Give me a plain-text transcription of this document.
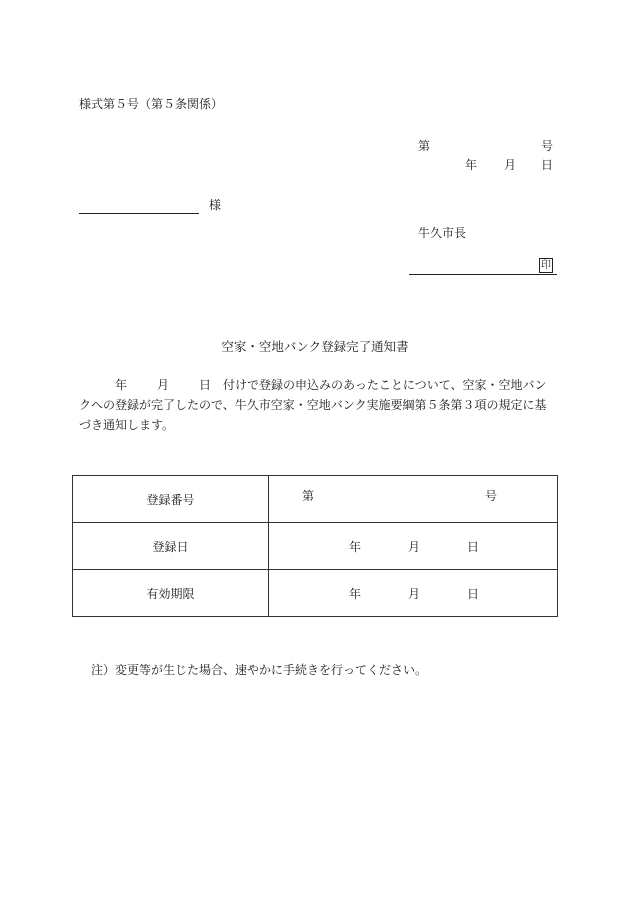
様式第５号（第５条関係）
第	号
年 月 日
様
牛久市長
印
空家・空地バンク登録完了通知書
年	月	日  付けで登録の申込みのあったことについて、空家・空地バンクへの登録が完了したので、牛久市空家・空地バンク実施要綱第５条第３項の規定に基づき通知します。
登録番号	第 号

登録日	年 月 日

有効期限	年 月 日
注）変更等が生じた場合、速やかに手続きを行ってください。
